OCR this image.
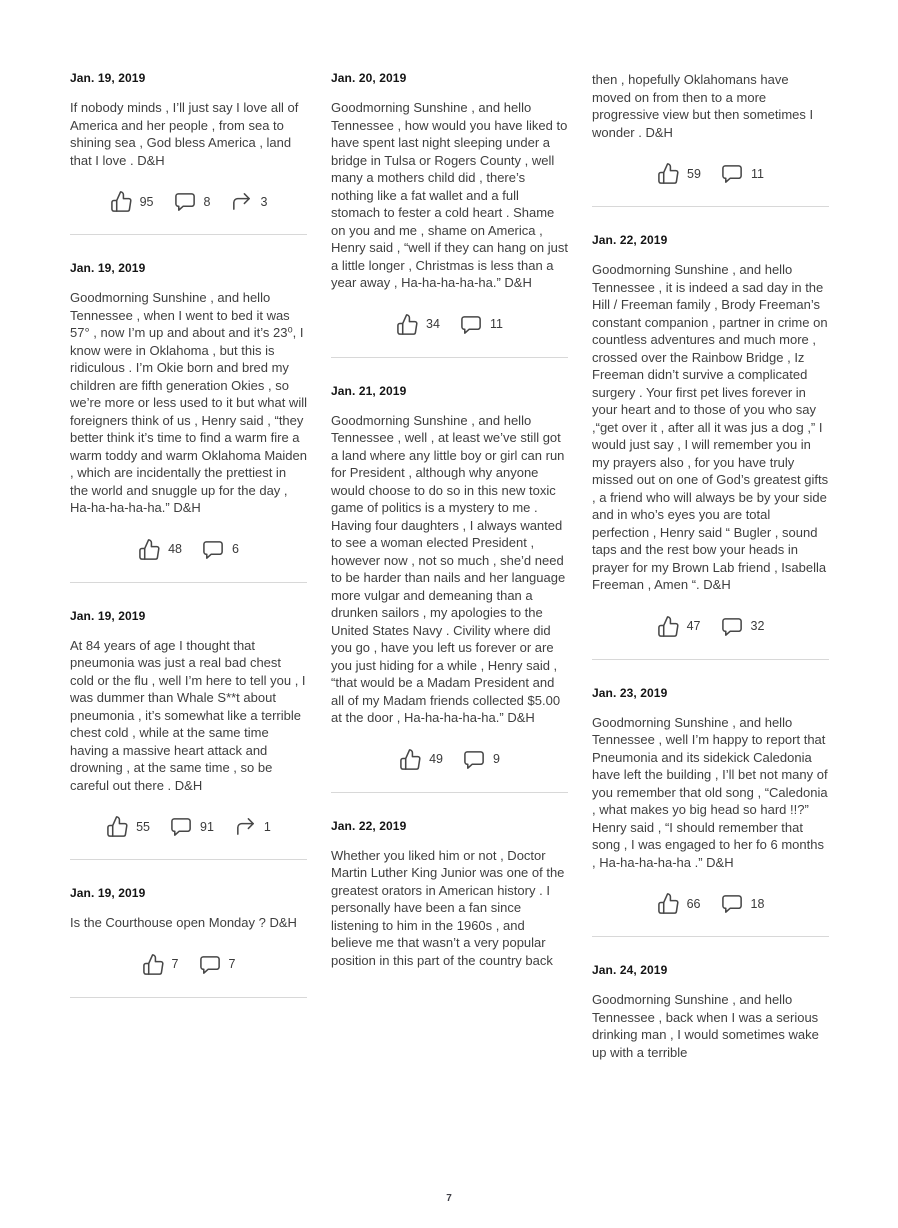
Jan. 19, 2019

If nobody minds , I’ll just say I love all of America and her people , from sea to shining sea , God bless America , land that I love . D&H

95	8	3
Jan. 19, 2019

Goodmorning Sunshine , and hello Tennessee , when I went to bed it was 57° , now I’m up and about and it’s 23⁰, I know were in Oklahoma , but this is ridiculous . I’m Okie born and bred my children are fifth generation Okies , so we’re more or less used to it but what will foreigners think of us , Henry said , “they better think it’s time to find a warm fire a warm toddy and warm Oklahoma Maiden , which are incidentally the prettiest in the world and snuggle up for the day , Ha-ha-ha-ha-ha.” D&H

48	6
Jan. 19, 2019

At 84 years of age I thought that pneumonia was just a real bad chest cold or the flu , well I’m here to tell you , I was dummer than Whale S**t about pneumonia , it’s somewhat like a terrible chest cold , while at the same time having a massive heart attack and drowning , at the same time , so be careful out there . D&H

55	91	1
Jan. 19, 2019

Is the Courthouse open Monday ? D&H

7	7
Jan. 20, 2019

Goodmorning Sunshine , and hello Tennessee , how would you have liked to have spent last night sleeping under a bridge in Tulsa or Rogers County , well many a mothers child did , there’s nothing like a fat wallet and a full stomach to fester a cold heart . Shame on you and me , shame on America , Henry said , “well if they can hang on just a little longer , Christmas is less than a year away , Ha-ha-ha-ha-ha.” D&H

34	11
Jan. 21, 2019

Goodmorning Sunshine , and hello Tennessee , well , at least we’ve still got a land where any little boy or girl can run for President , although why anyone would choose to do so in this new toxic game of politics is a mystery to me . Having four daughters , I always wanted to see a woman elected President , however now , not so much , she’d need to be harder than nails and her language more vulgar and demeaning than a drunken sailors , my apologies to the United States Navy . Civility where did you go , have you left us forever or are you just hiding for a while , Henry said , “that would be a Madam President and all of my Madam friends collected $5.00 at the door , Ha-ha-ha-ha-ha.” D&H

49	9
Jan. 22, 2019

Whether you liked him or not , Doctor Martin Luther King Junior was one of the greatest orators in American history . I personally have been a fan since listening to him in the 1960s , and believe me that wasn’t a very popular position in this part of the country back

then , hopefully Oklahomans have moved on from then to a more progressive view but then sometimes I wonder . D&H

59	11
Jan. 22, 2019

Goodmorning Sunshine , and hello Tennessee , it is indeed a sad day in the Hill / Freeman family , Brody Freeman’s constant companion , partner in crime on countless adventures and much more , crossed over the Rainbow Bridge , Iz Freeman didn’t survive a complicated surgery . Your first pet lives forever in your heart and to those of you who say ,“get over it , after all it was jus a dog ,” I would just say , I will remember you in my prayers also , for you have truly missed out on one of God’s greatest gifts , a friend who will always be by your side and in who’s eyes you are total perfection , Henry said “ Bugler , sound taps and the rest bow your heads in prayer for my Brown Lab friend , Isabella Freeman , Amen “. D&H

47	32
Jan. 23, 2019

Goodmorning Sunshine , and hello Tennessee , well I’m happy to report that Pneumonia and its sidekick Caledonia have left the building , I’ll bet not many of you remember that old song , “Caledonia , what makes yo big head so hard !!?” Henry said , “I should remember that song , I was engaged to her fo 6 months , Ha-ha-ha-ha-ha .” D&H

66	18
Jan. 24, 2019

Goodmorning Sunshine , and hello Tennessee , back when I was a serious drinking man , I would sometimes wake up with a terrible

7
